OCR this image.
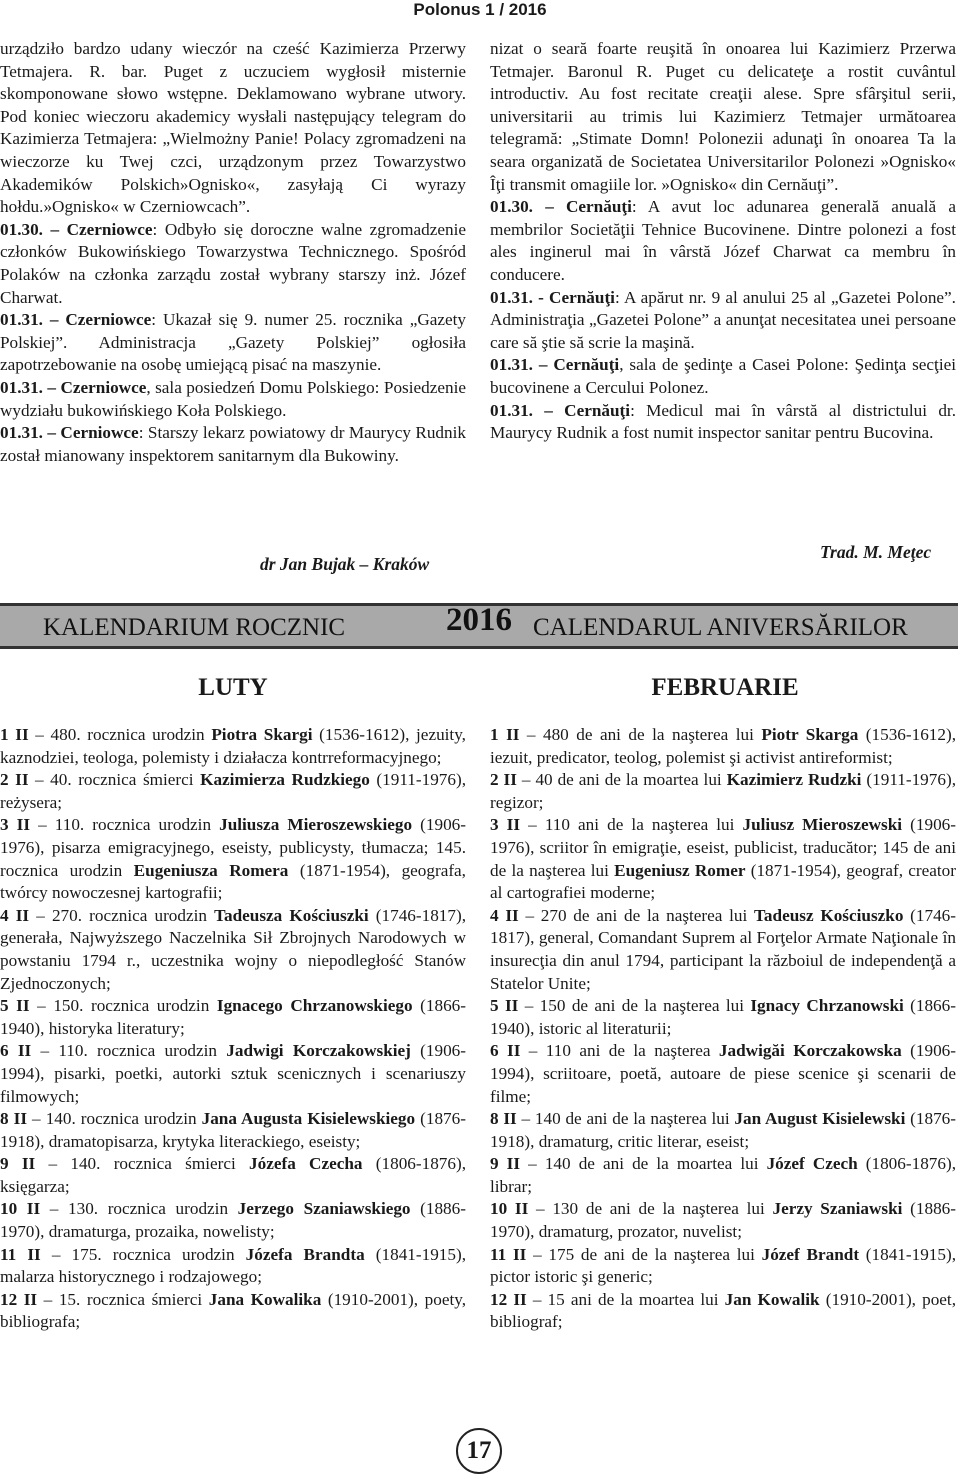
Polonus 1 / 2016

urządziło bardzo udany wieczór na cześć Kazimierza Przerwy Tetmajera. R. bar. Puget z uczuciem wygłosił misternie skomponowane słowo wstępne. Deklamowano wybrane utwory. Pod koniec wieczoru akademicy wysłali następujący telegram do Kazimierza Tetmajera: „Wielmożny Panie! Polacy zgromadzeni na wieczorze ku Twej czci, urządzonym przez Towarzystwo Akademików Polskich»Ognisko«, zasyłają Ci wyrazy hołdu.»Ognisko« w Czerniowcach”.

01.30. – Czerniowce: Odbyło się doroczne walne zgromadzenie członków Bukowińskiego Towarzystwa Technicznego. Spośród Polaków na członka zarządu został wybrany starszy inż. Józef Charwat.

01.31. – Czerniowce: Ukazał się 9. numer 25. rocznika „Gazety Polskiej”. Administracja „Gazety Polskiej” ogłosiła zapotrzebowanie na osobę umiejącą pisać na maszynie.

01.31. – Czerniowce, sala posiedzeń Domu Polskiego: Posiedzenie wydziału bukowińskiego Koła Polskiego.

01.31. – Cerniowce: Starszy lekarz powiatowy dr Maurycy Rudnik został mianowany inspektorem sanitarnym dla Bukowiny.

dr Jan Bujak – Kraków

nizat o seară foarte reuşită în onoarea lui Kazimierz Przerwa Tetmajer. Baronul R. Puget cu delicateţe a rostit cuvântul introductiv. Au fost recitate creaţii alese. Spre sfârşitul serii, universitarii au trimis lui Kazimierz Tetmajer următoarea telegramă: „Stimate Domn! Polonezii adunaţi în onoarea Ta la seara organizată de Societatea Universitarilor Polonezi »Ognisko« Îţi transmit omagiile lor. »Ognisko« din Cernăuţi”.

01.30. – Cernăuţi: A avut loc adunarea generală anuală a membrilor Societăţii Tehnice Bucovinene. Dintre polonezi a fost ales inginerul mai în vârstă Józef Charwat ca membru în conducere.

01.31. - Cernăuţi: A apărut nr. 9 al anului 25 al „Gazetei Polone”. Administraţia „Gazetei Polone” a anunţat necesitatea unei persoane care să ştie să scrie la maşină.

01.31. – Cernăuţi, sala de şedinţe a Casei Polone: Şedinţa secţiei bucovinene a Cercului Polonez.

01.31. – Cernăuţi: Medicul mai în vârstă al districtului dr. Maurycy Rudnik a fost numit inspector sanitar pentru Bucovina.

Trad. M. Meţec
KALENDARIUM ROCZNIC	2016 CALENDARUL ANIVERSĂRILOR
LUTY	FEBRUARIE

1 II – 480. rocznica urodzin Piotra Skargi (1536-1612), jezuity, kaznodziei, teologa, polemisty i działacza kontrreformacyjnego;

2 II – 40. rocznica śmierci Kazimierza Rudzkiego (1911-1976), reżysera;

3 II – 110. rocznica urodzin Juliusza Mieroszewskiego (1906-1976), pisarza emigracyjnego, eseisty, publicysty, tłumacza; 145. rocznica urodzin Eugeniusza Romera (1871-1954), geografa, twórcy nowoczesnej kartografii;

4 II – 270. rocznica urodzin Tadeusza Kościuszki (1746-1817), generała, Najwyższego Naczelnika Sił Zbrojnych Narodowych w powstaniu 1794 r., uczestnika wojny o niepodległość Stanów Zjednoczonych;

5 II – 150. rocznica urodzin Ignacego Chrzanowskiego (1866-1940), historyka literatury;

6 II – 110. rocznica urodzin Jadwigi Korczakowskiej (1906-1994), pisarki, poetki, autorki sztuk scenicznych i scenariuszy filmowych;

8 II – 140. rocznica urodzin Jana Augusta Kisielewskiego (1876-1918), dramatopisarza, krytyka literackiego, eseisty;

9 II – 140. rocznica śmierci Józefa Czecha (1806-1876), księgarza;

10 II – 130. rocznica urodzin Jerzego Szaniawskiego (1886-1970), dramaturga, prozaika, nowelisty;

11 II – 175. rocznica urodzin Józefa Brandta (1841-1915), malarza historycznego i rodzajowego;

12 II – 15. rocznica śmierci Jana Kowalika (1910-2001), poety, bibliografa;

1 II – 480 de ani de la naşterea lui Piotr Skarga (1536-1612), iezuit, predicator, teolog, polemist şi activist antireformist;

2 II – 40 de ani de la moartea lui Kazimierz Rudzki (1911-1976), regizor;

3 II – 110 ani de la naşterea lui Juliusz Mieroszewski (1906-1976), scriitor în emigraţie, eseist, publicist, traducător; 145 de ani de la naşterea lui Eugeniusz Romer (1871-1954), geograf, creator al cartografiei moderne;

4 II – 270 de ani de la naşterea lui Tadeusz Kościuszko (1746-1817), general, Comandant Suprem al Forţelor Armate Naţionale în insurecţia din anul 1794, participant la războiul de independenţă a Statelor Unite;

5 II – 150 de ani de la naşterea lui Ignacy Chrzanowski (1866-1940), istoric al literaturii;

6 II – 110 ani de la naşterea Jadwigăi Korczakowska (1906-1994), scriitoare, poetă, autoare de piese scenice şi scenarii de filme;

8 II – 140 de ani de la naşterea lui Jan August Kisielewski (1876-1918), dramaturg, critic literar, eseist;

9 II – 140 de ani de la moartea lui Józef Czech (1806-1876), librar;

10 II – 130 de ani de la naşterea lui Jerzy Szaniawski (1886-1970), dramaturg, prozator, nuvelist;

11 II – 175 de ani de la naşterea lui Józef Brandt (1841-1915), pictor istoric şi generic;

12 II – 15 ani de la moartea lui Jan Kowalik (1910-2001), poet, bibliograf;

17
